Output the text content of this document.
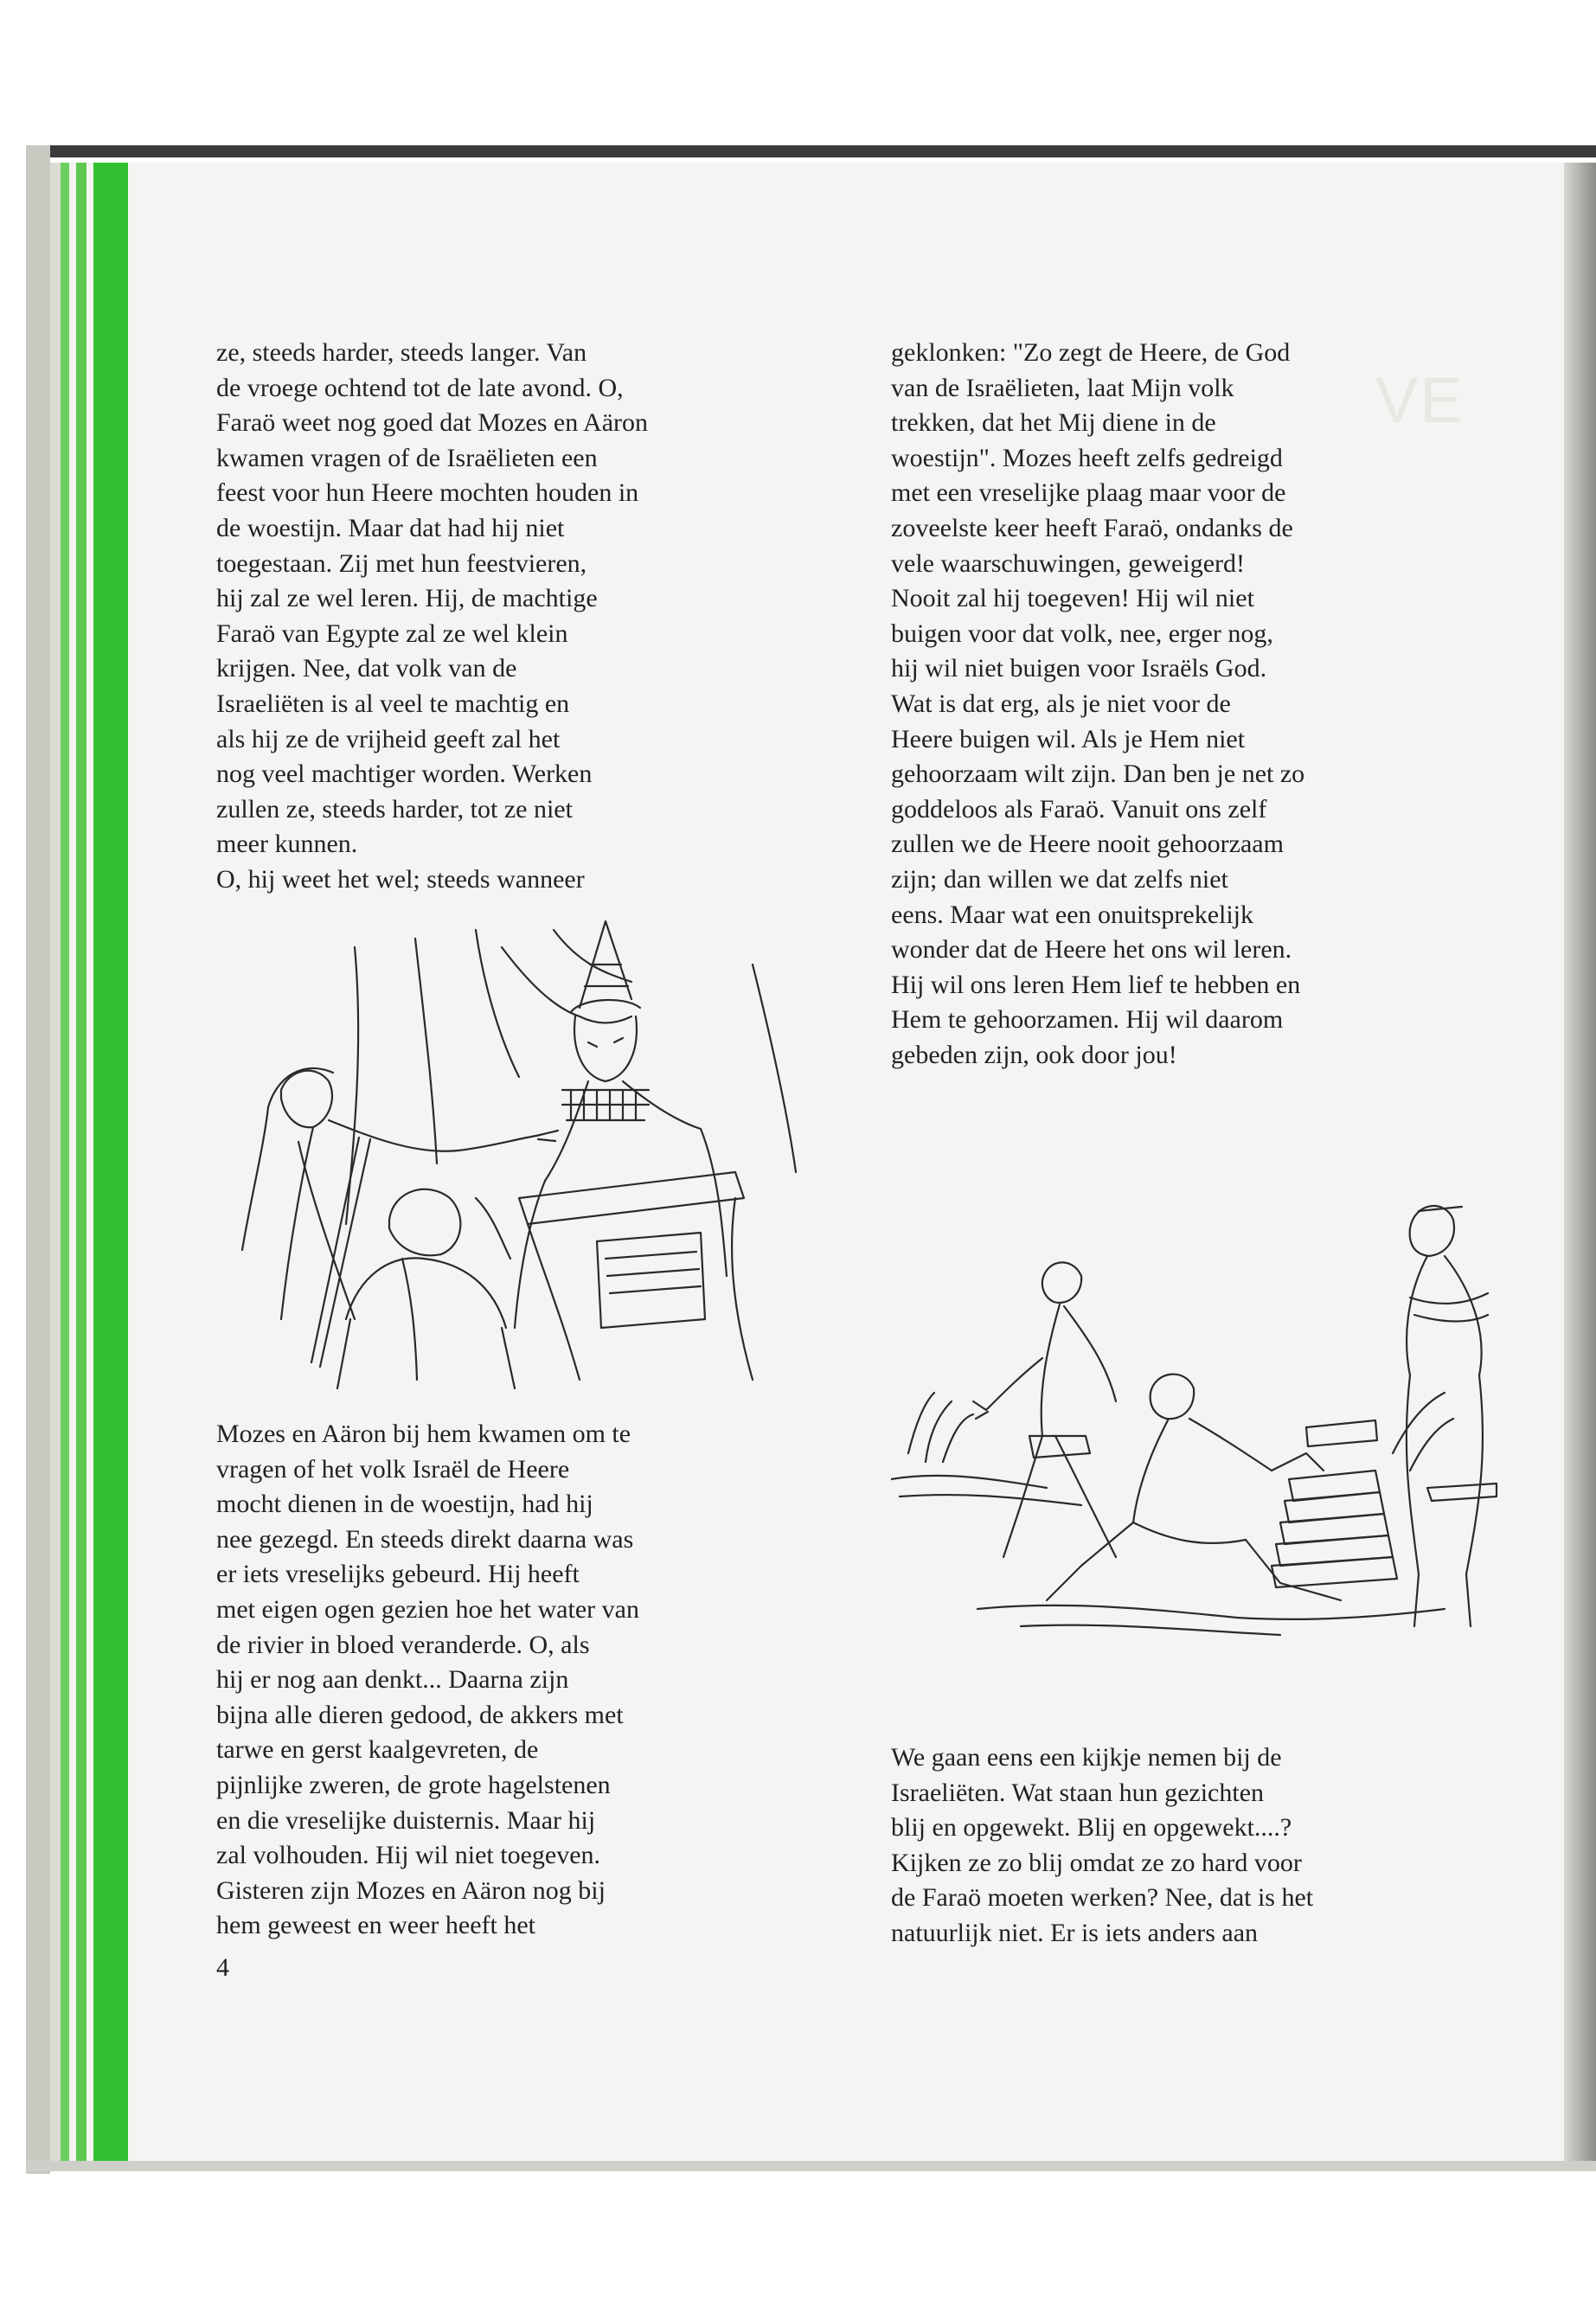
VE
ze, steeds harder, steeds langer. Van
de vroege ochtend tot de late avond. O,
Faraö weet nog goed dat Mozes en Aäron
kwamen vragen of de Israëlieten een
feest voor hun Heere mochten houden in
de woestijn. Maar dat had hij niet
toegestaan. Zij met hun feestvieren,
hij zal ze wel leren. Hij, de machtige
Faraö van Egypte zal ze wel klein
krijgen. Nee, dat volk van de
Israeliëten is al veel te machtig en
als hij ze de vrijheid geeft zal het
nog veel machtiger worden. Werken
zullen ze, steeds harder, tot ze niet
meer kunnen.
O, hij weet het wel; steeds wanneer
Mozes en Aäron bij hem kwamen om te
vragen of het volk Israël de Heere
mocht dienen in de woestijn, had hij
nee gezegd. En steeds direkt daarna was
er iets vreselijks gebeurd. Hij heeft
met eigen ogen gezien hoe het water van
de rivier in bloed veranderde. O, als
hij er nog aan denkt... Daarna zijn
bijna alle dieren gedood, de akkers met
tarwe en gerst kaalgevreten, de
pijnlijke zweren, de grote hagelstenen
en die vreselijke duisternis. Maar hij
zal volhouden. Hij wil niet toegeven.
Gisteren zijn Mozes en Aäron nog bij
hem geweest en weer heeft het
geklonken: "Zo zegt de Heere, de God
van de Israëlieten, laat Mijn volk
trekken, dat het Mij diene in de
woestijn". Mozes heeft zelfs gedreigd
met een vreselijke plaag maar voor de
zoveelste keer heeft Faraö, ondanks de
vele waarschuwingen, geweigerd!
Nooit zal hij toegeven! Hij wil niet
buigen voor dat volk, nee, erger nog,
hij wil niet buigen voor Israëls God.
Wat is dat erg, als je niet voor de
Heere buigen wil. Als je Hem niet
gehoorzaam wilt zijn. Dan ben je net zo
goddeloos als Faraö. Vanuit ons zelf
zullen we de Heere nooit gehoorzaam
zijn; dan willen we dat zelfs niet
eens. Maar wat een onuitsprekelijk
wonder dat de Heere het ons wil leren.
Hij wil ons leren Hem lief te hebben en
Hem te gehoorzamen. Hij wil daarom
gebeden zijn, ook door jou!
We gaan eens een kijkje nemen bij de
Israeliëten. Wat staan hun gezichten
blij en opgewekt. Blij en opgewekt....?
Kijken ze zo blij omdat ze zo hard voor
de Faraö moeten werken? Nee, dat is het
natuurlijk niet. Er is iets anders aan
4
